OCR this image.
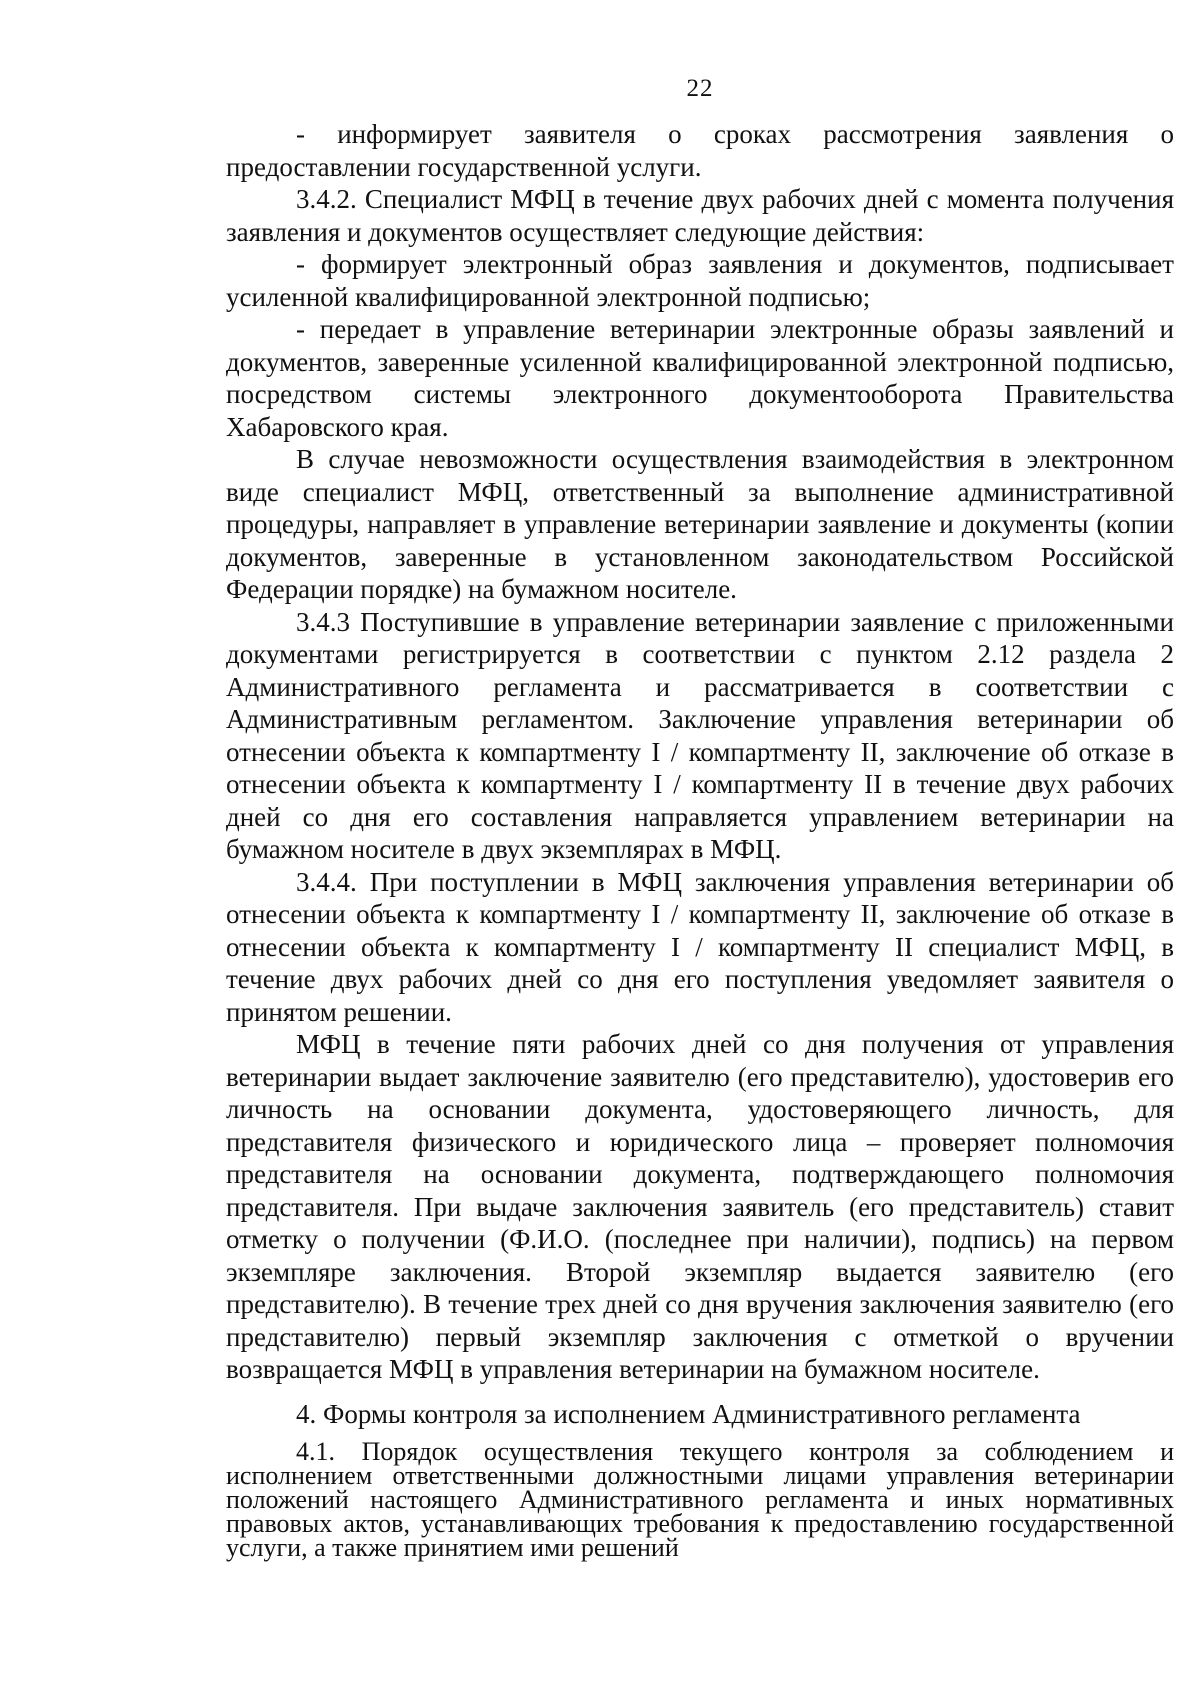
22

- информирует заявителя о сроках рассмотрения заявления о предоставлении государственной услуги.

3.4.2. Специалист МФЦ в течение двух рабочих дней с момента получения заявления и документов осуществляет следующие действия:

- формирует электронный образ заявления и документов, подписывает усиленной квалифицированной электронной подписью;

- передает в управление ветеринарии электронные образы заявлений и документов, заверенные усиленной квалифицированной электронной подписью, посредством системы электронного документооборота Правительства Хабаровского края.

В случае невозможности осуществления взаимодействия в электронном виде специалист МФЦ, ответственный за выполнение административной процедуры, направляет в управление ветеринарии заявление и документы (копии документов, заверенные в установленном законодательством Российской Федерации порядке) на бумажном носителе.

3.4.3 Поступившие в управление ветеринарии заявление с приложенными документами регистрируется в соответствии с пунктом 2.12 раздела 2 Административного регламента и рассматривается в соответствии с Административным регламентом. Заключение управления ветеринарии об отнесении объекта к компартменту I / компартменту II, заключение об отказе в отнесении объекта к компартменту I / компартменту II в течение двух рабочих дней со дня его составления направляется управлением ветеринарии на бумажном носителе в двух экземплярах в МФЦ.

3.4.4. При поступлении в МФЦ заключения управления ветеринарии об отнесении объекта к компартменту I / компартменту II, заключение об отказе в отнесении объекта к компартменту I / компартменту II специалист МФЦ, в течение двух рабочих дней со дня его поступления уведомляет заявителя о принятом решении.

МФЦ в течение пяти рабочих дней со дня получения от управления ветеринарии выдает заключение заявителю (его представителю), удостоверив его личность на основании документа, удостоверяющего личность, для представителя физического и юридического лица – проверяет полномочия представителя на основании документа, подтверждающего полномочия представителя. При выдаче заключения заявитель (его представитель) ставит отметку о получении (Ф.И.О. (последнее при наличии), подпись) на первом экземпляре заключения. Второй экземпляр выдается заявителю (его представителю). В течение трех дней со дня вручения заключения заявителю (его представителю) первый экземпляр заключения с отметкой о вручении возвращается МФЦ в управления ветеринарии на бумажном носителе.

4. Формы контроля за исполнением Административного регламента

4.1. Порядок осуществления текущего контроля за соблюдением и исполнением ответственными должностными лицами управления ветеринарии положений настоящего Административного регламента и иных нормативных правовых актов, устанавливающих требования к предоставлению государственной услуги, а также принятием ими решений
